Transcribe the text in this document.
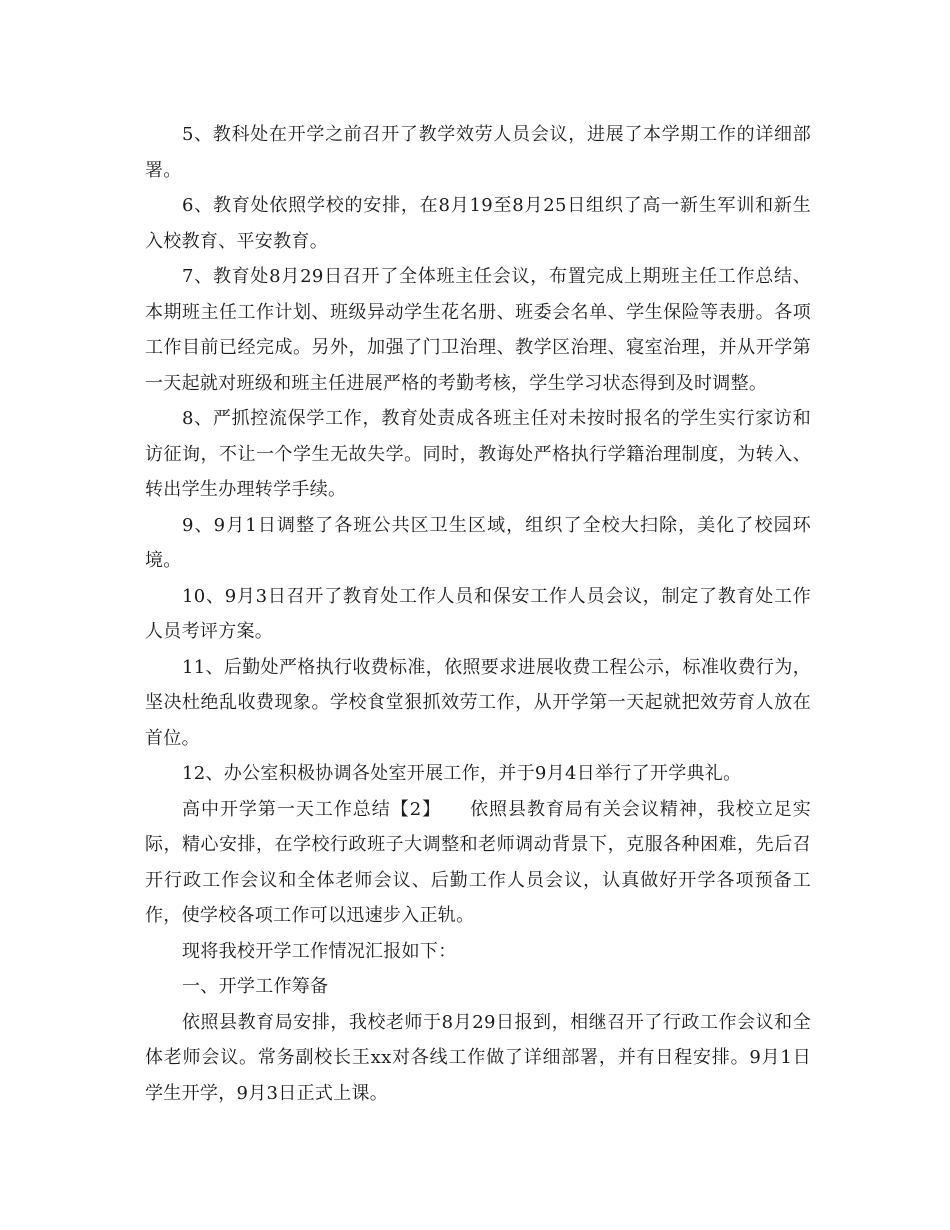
5、教科处在开学之前召开了教学效劳人员会议，进展了本学期工作的详细部署。

6、教育处依照学校的安排，在8月19至8月25日组织了高一新生军训和新生入校教育、平安教育。

7、教育处8月29日召开了全体班主任会议，布置完成上期班主任工作总结、本期班主任工作计划、班级异动学生花名册、班委会名单、学生保险等表册。各项工作目前已经完成。另外，加强了门卫治理、教学区治理、寝室治理，并从开学第一天起就对班级和班主任进展严格的考勤考核，学生学习状态得到及时调整。

8、严抓控流保学工作，教育处责成各班主任对未按时报名的学生实行家访和访征询，不让一个学生无故失学。同时，教诲处严格执行学籍治理制度，为转入、转出学生办理转学手续。

9、9月1日调整了各班公共区卫生区域，组织了全校大扫除，美化了校园环境。

10、9月3日召开了教育处工作人员和保安工作人员会议，制定了教育处工作人员考评方案。

11、后勤处严格执行收费标准，依照要求进展收费工程公示，标准收费行为，坚决杜绝乱收费现象。学校食堂狠抓效劳工作，从开学第一天起就把效劳育人放在首位。

12、办公室积极协调各处室开展工作，并于9月4日举行了开学典礼。

高中开学第一天工作总结【2】　　依照县教育局有关会议精神，我校立足实际，精心安排，在学校行政班子大调整和老师调动背景下，克服各种困难，先后召开行政工作会议和全体老师会议、后勤工作人员会议，认真做好开学各项预备工作，使学校各项工作可以迅速步入正轨。

现将我校开学工作情况汇报如下：

一、开学工作筹备

依照县教育局安排，我校老师于8月29日报到，相继召开了行政工作会议和全体老师会议。常务副校长王xx对各线工作做了详细部署，并有日程安排。9月1日学生开学，9月3日正式上课。
